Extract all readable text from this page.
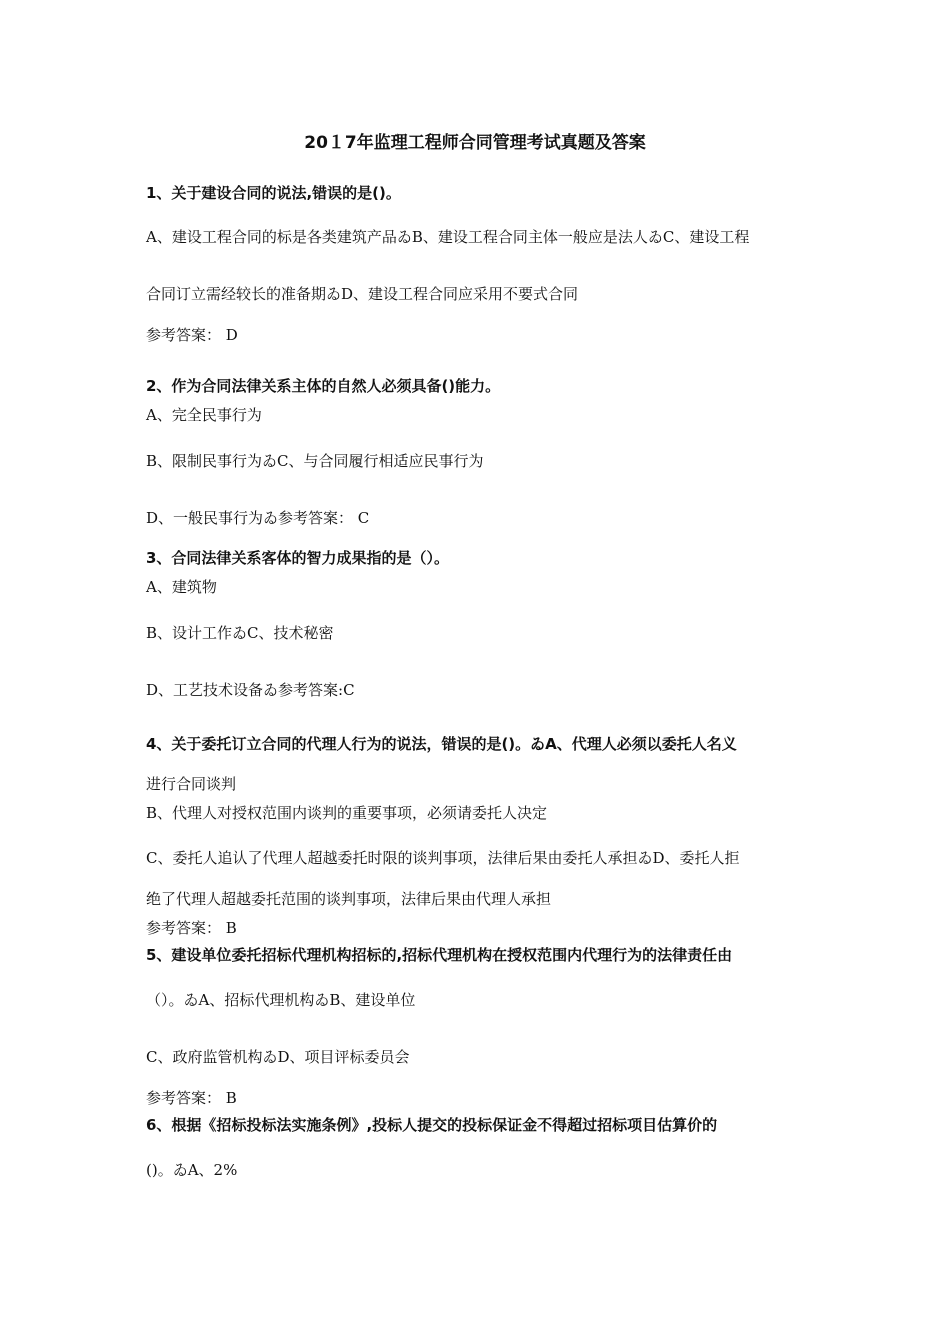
20１7年监理工程师合同管理考试真题及答案
1、关于建设合同的说法,错误的是()。
A、建设工程合同的标是各类建筑产品ゐB、建设工程合同主体一般应是法人ゐC、建设工程
合同订立需经较长的准备期ゐD、建设工程合同应采用不要式合同
参考答案： D
2、作为合同法律关系主体的自然人必须具备()能力。
A、完全民事行为
B、限制民事行为ゐC、与合同履行相适应民事行为
D、一般民事行为ゐ参考答案： C
3、合同法律关系客体的智力成果指的是（）。
A、建筑物
B、设计工作ゐC、技术秘密
D、工艺技术设备ゐ参考答案:C
4、关于委托订立合同的代理人行为的说法，错误的是()。ゐA、代理人必须以委托人名义
进行合同谈判
B、代理人对授权范围内谈判的重要事项，必须请委托人决定
C、委托人追认了代理人超越委托时限的谈判事项，法律后果由委托人承担ゐD、委托人拒
绝了代理人超越委托范围的谈判事项，法律后果由代理人承担
参考答案： B
5、建设单位委托招标代理机构招标的,招标代理机构在授权范围内代理行为的法律责任由
（）。ゐA、招标代理机构ゐB、建设单位
C、政府监管机构ゐD、项目评标委员会
参考答案： B
6、根据《招标投标法实施条例》,投标人提交的投标保证金不得超过招标项目估算价的
()。ゐA、2%
